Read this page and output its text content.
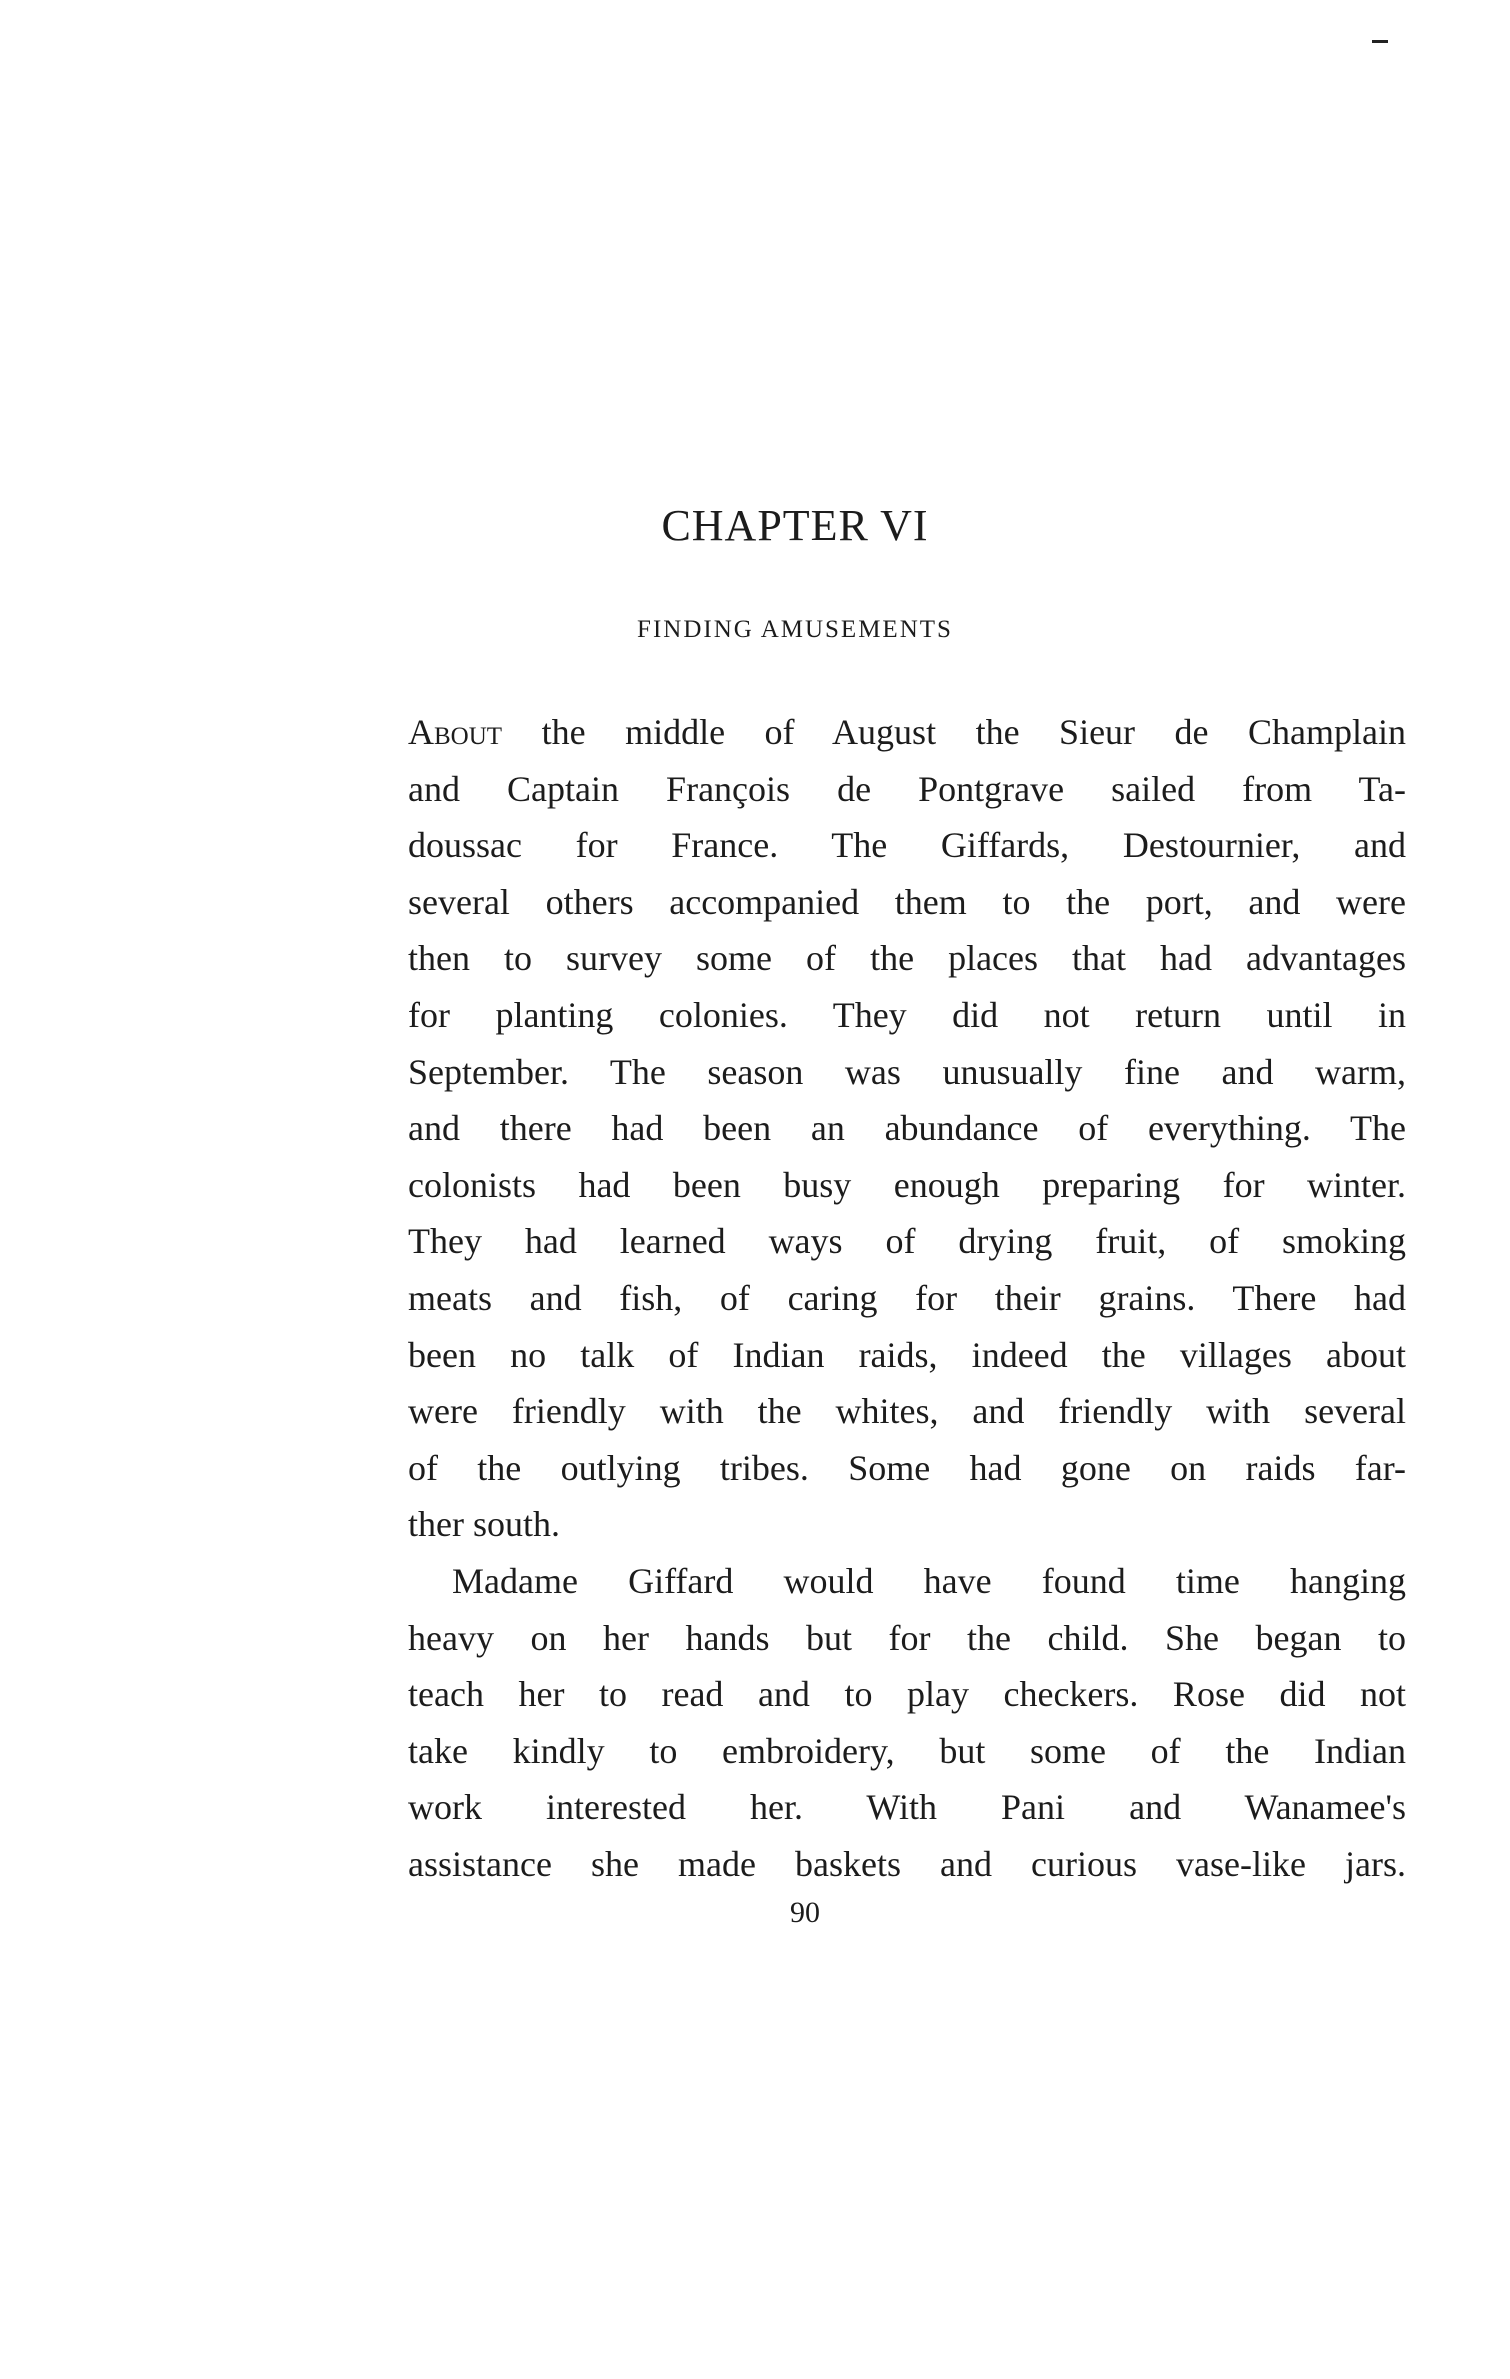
CHAPTER VI
FINDING AMUSEMENTS
About the middle of August the Sieur de Champlain
and Captain François de Pontgrave sailed from Ta-
doussac for France. The Giffards, Destournier, and
several others accompanied them to the port, and were
then to survey some of the places that had advantages
for planting colonies. They did not return until in
September. The season was unusually fine and warm,
and there had been an abundance of everything. The
colonists had been busy enough preparing for winter.
They had learned ways of drying fruit, of smoking
meats and fish, of caring for their grains. There had
been no talk of Indian raids, indeed the villages about
were friendly with the whites, and friendly with several
of the outlying tribes. Some had gone on raids far-
ther south.
Madame Giffard would have found time hanging
heavy on her hands but for the child. She began to
teach her to read and to play checkers. Rose did not
take kindly to embroidery, but some of the Indian
work interested her. With Pani and Wanamee's
assistance she made baskets and curious vase-like jars.
90
